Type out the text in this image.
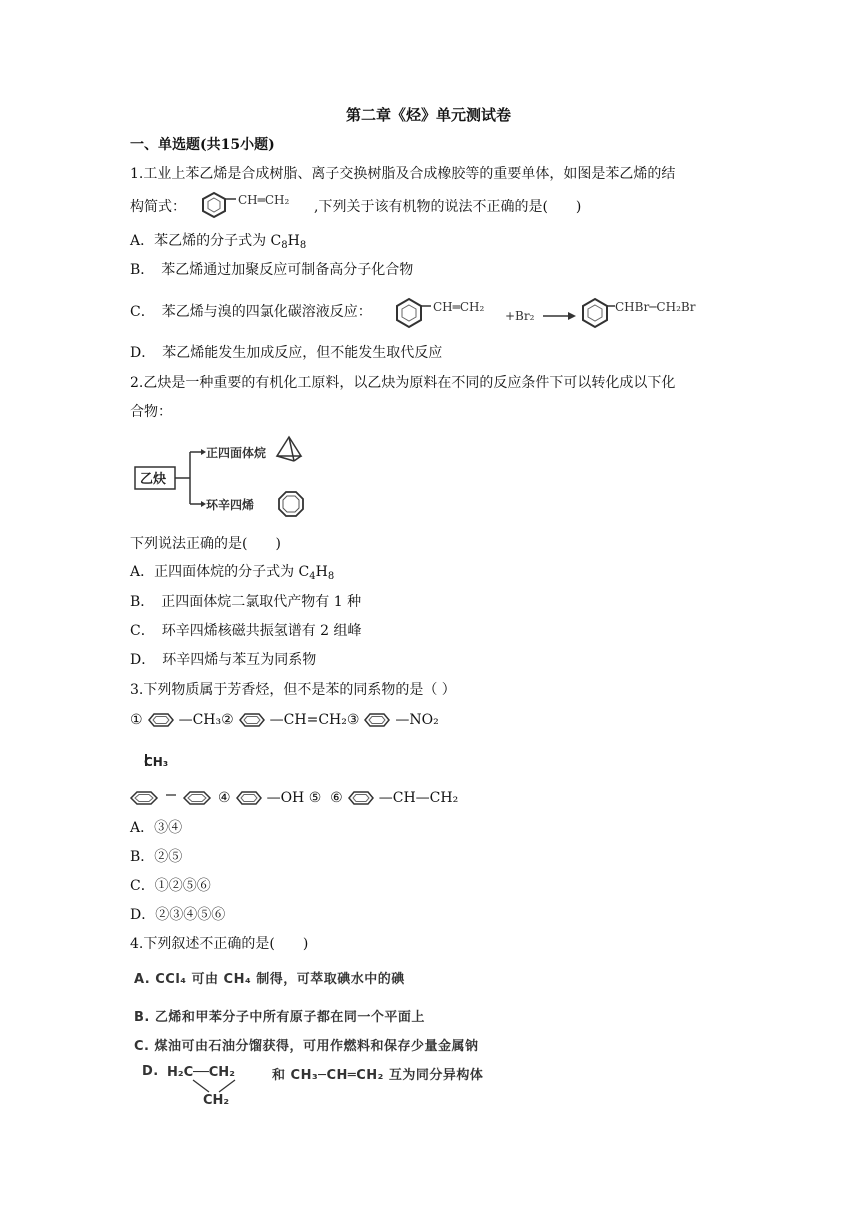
第二章《烃》单元测试卷
一、单选题(共15小题)
1.工业上苯乙烯是合成树脂、离子交换树脂及合成橡胶等的重要单体，如图是苯乙烯的结
构简式：	CH═CH₂ ,下列关于该有机物的说法不正确的是(　　)
A．苯乙烯的分子式为 $C_8H_8$
B．　苯乙烯通过加聚反应可制备高分子化合物
C．　苯乙烯与溴的四氯化碳溶液反应：	CH═CH₂
+Br₂
CHBr─CH₂Br
D．　苯乙烯能发生加成反应，但不能发生取代反应
2.乙炔是一种重要的有机化工原料，以乙炔为原料在不同的反应条件下可以转化成以下化
合物：
乙炔
正四面体烷
环辛四烯
下列说法正确的是(　　)
A．正四面体烷的分子式为 $C_4H_8$
B．　正四面体烷二氯取代产物有 1 种
C．　环辛四烯核磁共振氢谱有 2 组峰
D．　环辛四烯与苯互为同系物
3.下列物质属于芳香烃，但不是苯的同系物的是（ ）
①	—CH₃②	—CH=CH₂③	—NO₂
CH₃
④	—OH ⑤ ⑥	—CH—CH₂
A．③④
B．②⑤
C．①②⑤⑥
D．②③④⑤⑥
4.下列叙述不正确的是(　　)
A. CCl₄ 可由 CH₄ 制得，可萃取碘水中的碘
B. 乙烯和甲苯分子中所有原子都在同一个平面上
C. 煤油可由石油分馏获得，可用作燃料和保存少量金属钠
D. H₂C──CH₂
CH₂
和 CH₃─CH═CH₂ 互为同分异构体
